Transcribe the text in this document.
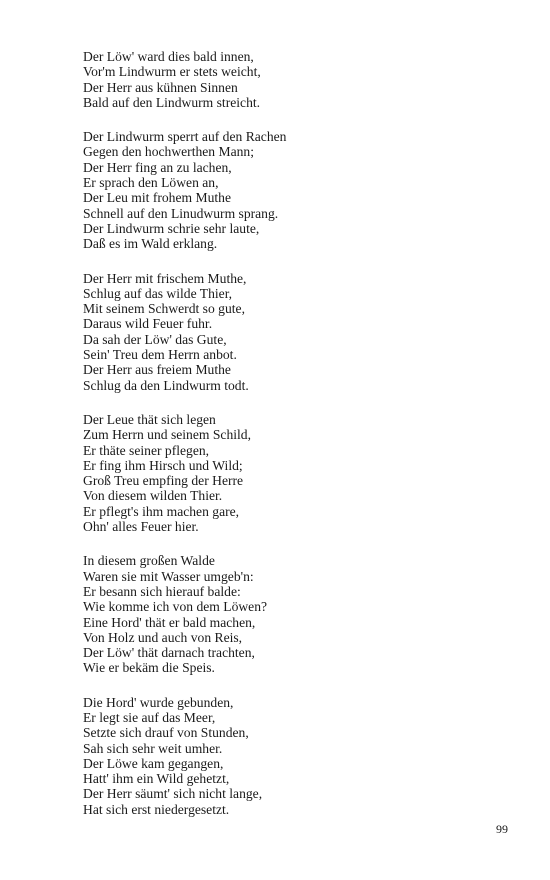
Der Löw' ward dies bald innen,
Vor'm Lindwurm er stets weicht,
Der Herr aus kühnen Sinnen
Bald auf den Lindwurm streicht.
Der Lindwurm sperrt auf den Rachen
Gegen den hochwerthen Mann;
Der Herr fing an zu lachen,
Er sprach den Löwen an,
Der Leu mit frohem Muthe
Schnell auf den Linudwurm sprang.
Der Lindwurm schrie sehr laute,
Daß es im Wald erklang.
Der Herr mit frischem Muthe,
Schlug auf das wilde Thier,
Mit seinem Schwerdt so gute,
Daraus wild Feuer fuhr.
Da sah der Löw' das Gute,
Sein' Treu dem Herrn anbot.
Der Herr aus freiem Muthe
Schlug da den Lindwurm todt.
Der Leue thät sich legen
Zum Herrn und seinem Schild,
Er thäte seiner pflegen,
Er fing ihm Hirsch und Wild;
Groß Treu empfing der Herre
Von diesem wilden Thier.
Er pflegt's ihm machen gare,
Ohn' alles Feuer hier.
In diesem großen Walde
Waren sie mit Wasser umgeb'n:
Er besann sich hierauf balde:
Wie komme ich von dem Löwen?
Eine Hord' thät er bald machen,
Von Holz und auch von Reis,
Der Löw' thät darnach trachten,
Wie er bekäm die Speis.
Die Hord' wurde gebunden,
Er legt sie auf das Meer,
Setzte sich drauf von Stunden,
Sah sich sehr weit umher.
Der Löwe kam gegangen,
Hatt' ihm ein Wild gehetzt,
Der Herr säumt' sich nicht lange,
Hat sich erst niedergesetzt.
99
